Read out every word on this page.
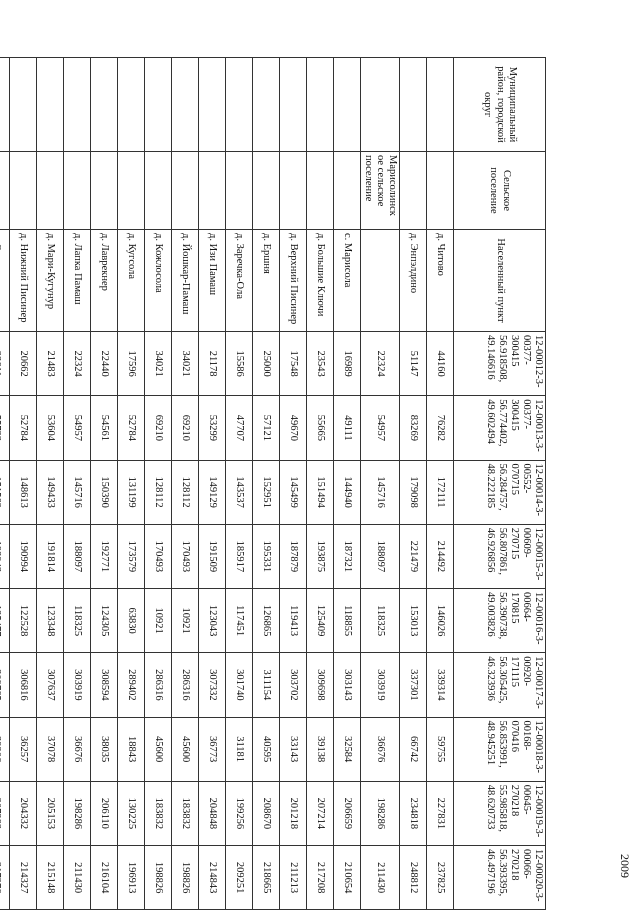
Муниципальный район, городской округ	Сельское поселение	Населенный пункт	12-00012-3-00377-300415 56.918508, 49.146616	12-00013-3-00377-300415 56.774402, 49.602494	12-00014-3-00552-070715 56.284757, 48.222185	12-00015-3-00609-270715 56.807861, 46.926856	12-00016-3-00664-170815 56.390738, 49.003826	12-00017-3-00920-171115 56.305425, 46.323936	12-00018-3-00168-070416 56.853991, 48.945251	12-00019-3-00645-270218 55.985818, 48.620733	12-00020-3-00066-270218 56.393395, 46.497196
		д. Читово	44160	76282	172111	214492	146026	339314	59755	227831	237825
		д. Энпэлдино	51147	83269	179098	221479	153013	337301	66742	234818	248812
	Марисолинск ое сельское поселение		22324	54957	145716	188097	118325	303919	36676	198286	211430
		с. Марисола	16989	49111	144940	187321	118855	303143	32584	206659	210654
		д. Большие Ключи	23543	55665	151494	193875	125409	309698	39138	207214	217208
		д. Верхний Писинер	17548	49670	145499	187879	119413	303702	33143	201218	211213
		д. Ершня	25000	57121	152951	195331	126865	311154	40595	208670	218665
		д. Заречка-Ола	15586	47707	143537	185917	117451	301740	31181	199256	209251
		д. Изи Памаш	21178	53299	149129	191509	123043	307332	36773	204848	214843
		д. Йошкар-Памаш	34021	69210	128112	170493	10921	286316	45600	183832	198826
		д. Кожлосола	34021	69210	128112	170493	10921	286316	45600	183832	198826
		д. Кугсола	17596	52784	131199	173579	63830	289402	18843	130225	196913
		д. Лаврекнер	22440	54561	150390	192771	124305	308594	38035	206110	216104
		д. Лапка Памаш	22324	54957	145716	188097	118325	303919	36676	198286	211430
		д. Мари-Кугунур	21483	53604	149433	191814	123348	307637	37078	205153	215148
		д. Нижний Писинер	20662	52784	148613	190994	122528	306816	36257	204332	214327
												2009
